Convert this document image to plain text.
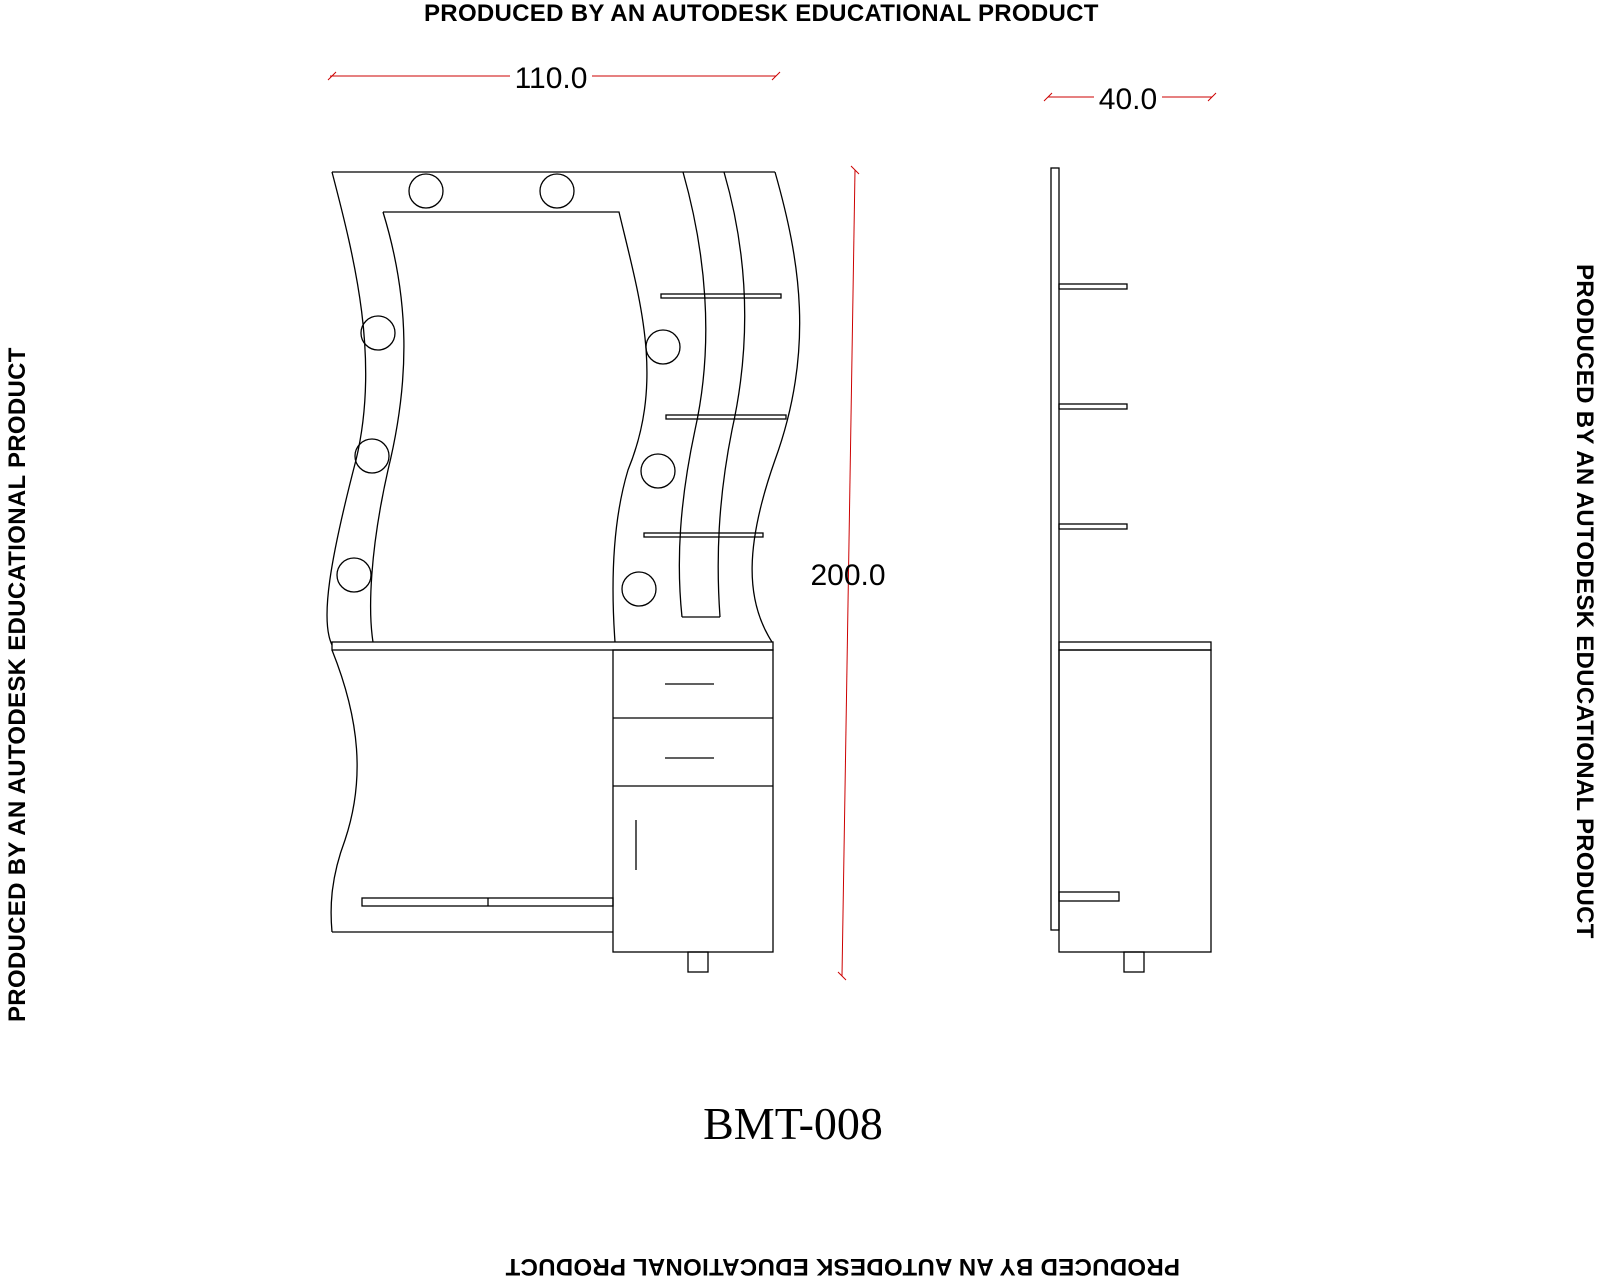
PRODUCED BY AN AUTODESK EDUCATIONAL PRODUCT
PRODUCED BY AN AUTODESK EDUCATIONAL PRODUCT	PRODUCED BY AN AUTODESK EDUCATIONAL PRODUCT
PRODUCED BY AN AUTODESK EDUCATIONAL PRODUCT
110.0
40.0
200.0
BMT-008
